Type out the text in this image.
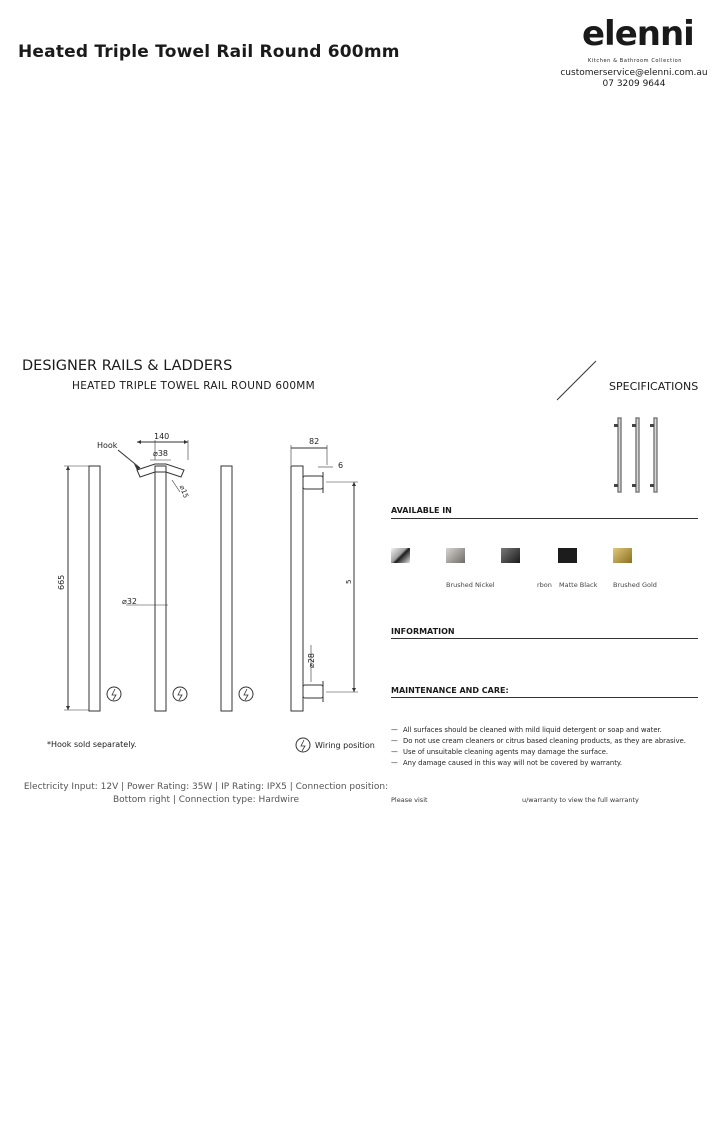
Heated Triple Towel Rail Round 600mm	elenni
Kitchen & Bathroom Collection
customerservice@elenni.com.au
07 3209 9644
DESIGNER RAILS & LADDERS
HEATED TRIPLE TOWEL RAIL ROUND 600MM	SPECIFICATIONS
Hook
140
⌀38
⌀15
665
⌀32
82
6
⌀28
5
Wiring position
*Hook sold separately.
AVAILABLE IN
Brushed Nickel	rbon Matte Black Brushed Gold
INFORMATION
MAINTENANCE AND CARE:
— All surfaces should be cleaned with mild liquid detergent or soap and water.
— Do not use cream cleaners or citrus based cleaning products, as they are abrasive.
— Use of unsuitable cleaning agents may damage the surface.
— Any damage caused in this way will not be covered by warranty.
Please visit	u/warranty to view the full warranty
Electricity Input: 12V | Power Rating: 35W | IP Rating: IPX5 | Connection position: Bottom right | Connection type: Hardwire
